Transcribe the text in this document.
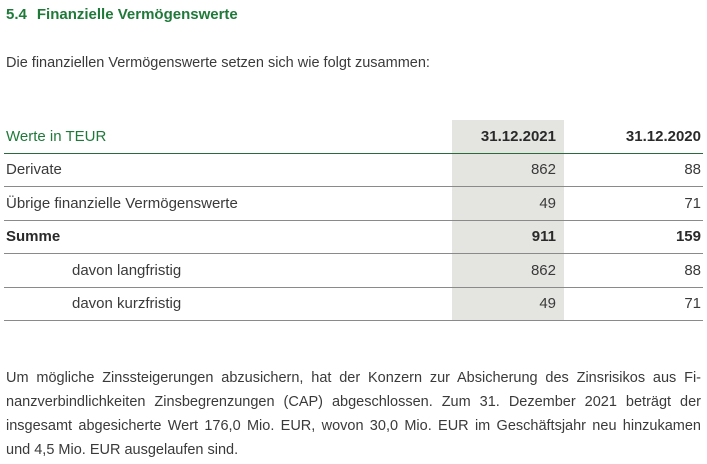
5.4 Finanzielle Vermögenswerte
Die finanziellen Vermögenswerte setzen sich wie folgt zusammen:
Werte in TEUR	31.12.2021	31.12.2020
Derivate	862	88
Übrige finanzielle Vermögenswerte	49	71
Summe	911	159
davon langfristig	862	88
davon kurzfristig	49	71
Um mögliche Zinssteigerungen abzusichern, hat der Konzern zur Absicherung des Zinsrisikos aus Fi-
nanzverbindlichkeiten Zinsbegrenzungen (CAP) abgeschlossen. Zum 31. Dezember 2021 beträgt der
insgesamt abgesicherte Wert 176,0 Mio. EUR, wovon 30,0 Mio. EUR im Geschäftsjahr neu hinzukamen
und 4,5 Mio. EUR ausgelaufen sind.
